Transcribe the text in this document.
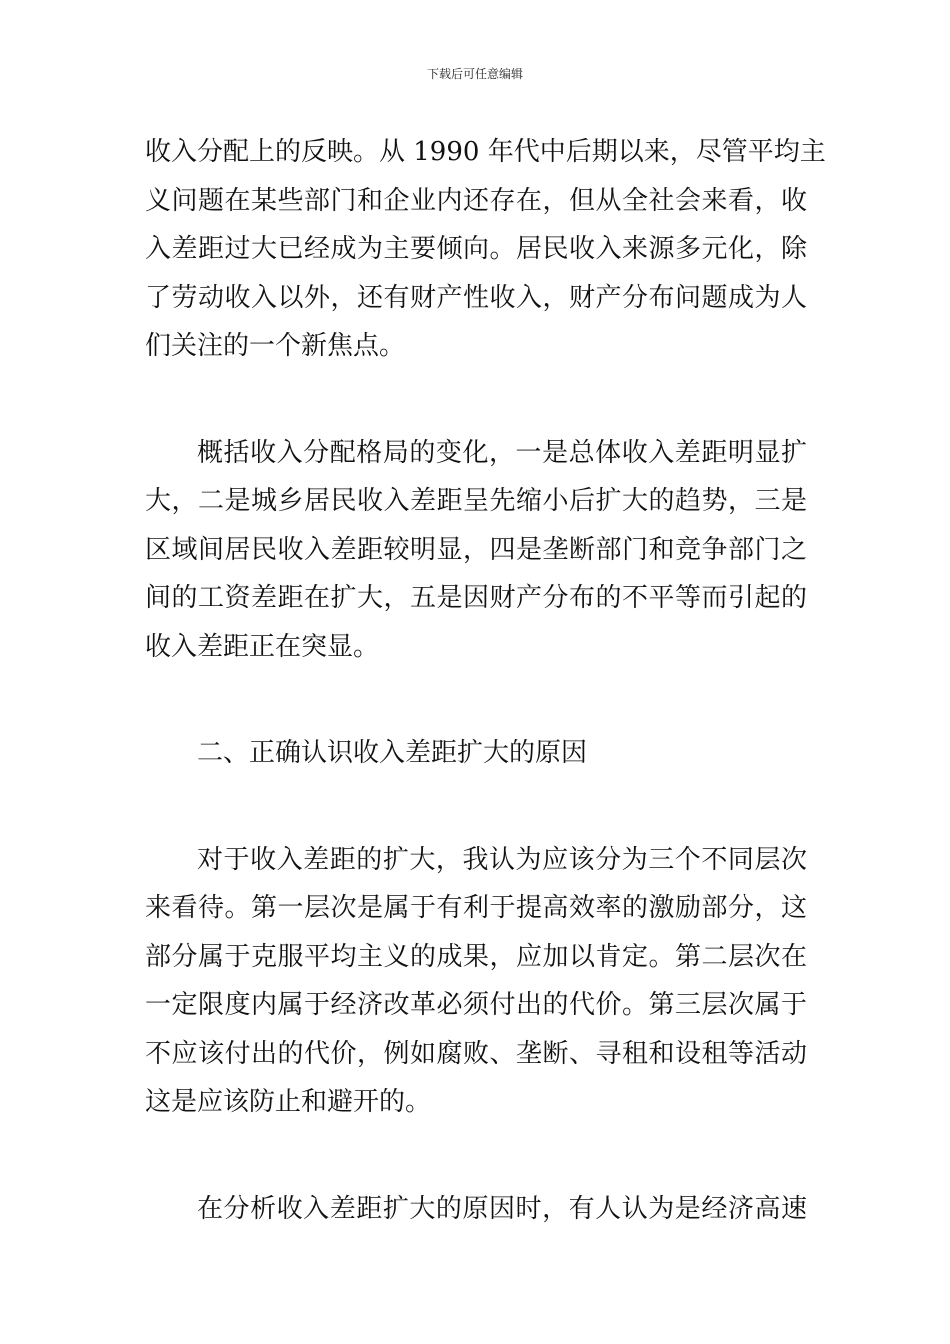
下载后可任意编辑
收入分配上的反映。从 1990 年代中后期以来，尽管平均主
义问题在某些部门和企业内还存在，但从全社会来看，收
入差距过大已经成为主要倾向。居民收入来源多元化，除
了劳动收入以外，还有财产性收入，财产分布问题成为人
们关注的一个新焦点。
概括收入分配格局的变化，一是总体收入差距明显扩
大，二是城乡居民收入差距呈先缩小后扩大的趋势，三是
区域间居民收入差距较明显，四是垄断部门和竞争部门之
间的工资差距在扩大，五是因财产分布的不平等而引起的
收入差距正在突显。
二、正确认识收入差距扩大的原因
对于收入差距的扩大，我认为应该分为三个不同层次
来看待。第一层次是属于有利于提高效率的激励部分，这
部分属于克服平均主义的成果，应加以肯定。第二层次在
一定限度内属于经济改革必须付出的代价。第三层次属于
不应该付出的代价，例如腐败、垄断、寻租和设租等活动
这是应该防止和避开的。
在分析收入差距扩大的原因时，有人认为是经济高速
